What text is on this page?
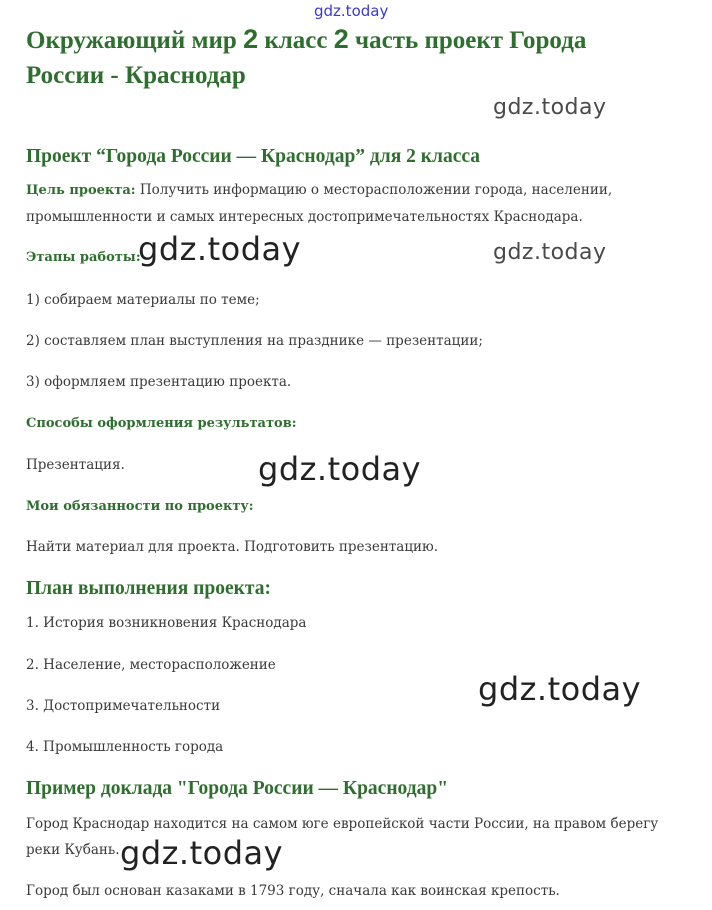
gdz.today
Окружающий мир 2 класс 2 часть проект Города России - Краснодар
Проект “Города России — Краснодар” для 2 класса
Цель проекта: Получить информацию о месторасположении города, населении, промышленности и самых интересных достопримечательностях Краснодара.
Этапы работы:
1) собираем материалы по теме;
2) составляем план выступления на празднике — презентации;
3) оформляем презентацию проекта.
Способы оформления результатов:
Презентация.
Мои обязанности по проекту:
Найти материал для проекта. Подготовить презентацию.
План выполнения проекта:
1. История возникновения Краснодара
2. Население, месторасположение
3. Достопримечательности
4. Промышленность города
Пример доклада "Города России — Краснодар"
Город Краснодар находится на самом юге европейской части России, на правом берегу реки Кубань.
Город был основан казаками в 1793 году, сначала как воинская крепость.
gdz.today
gdz.today	gdz.today
gdz.today
gdz.today
gdz.today
